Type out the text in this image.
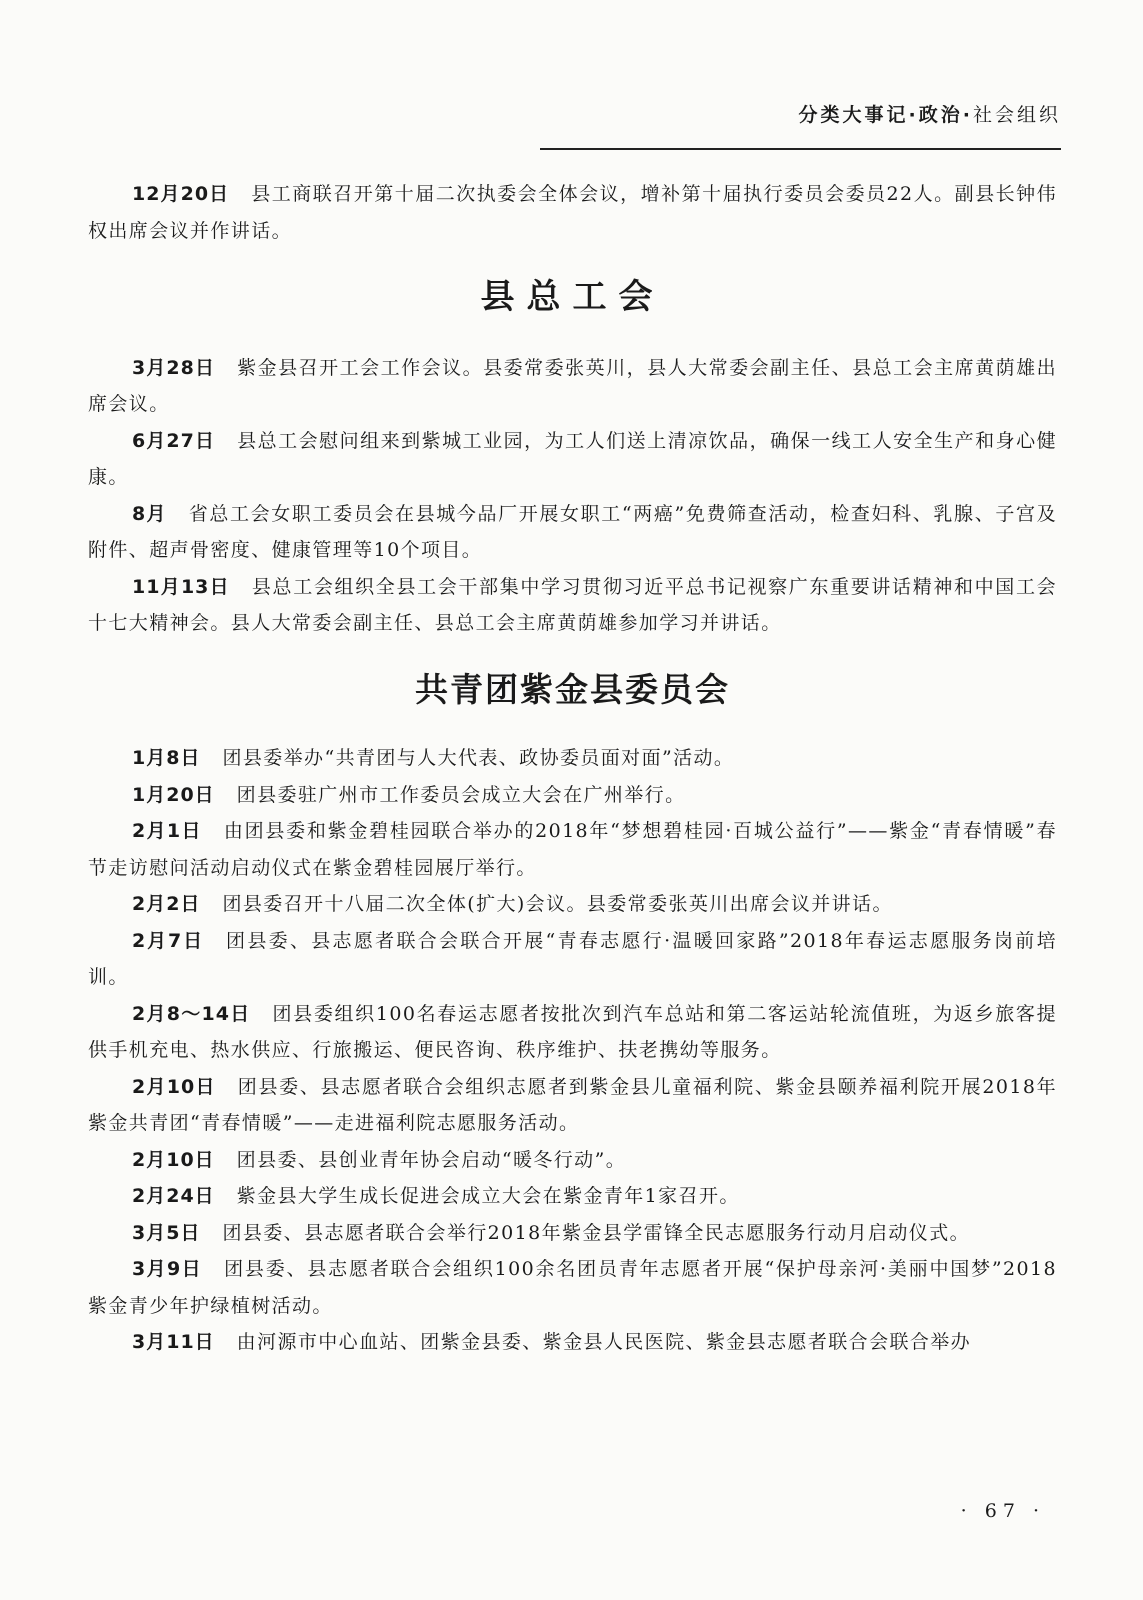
分类大事记·政治·社会组织

12月20日 县工商联召开第十届二次执委会全体会议，增补第十届执行委员会委员22人。副县长钟伟权出席会议并作讲话。

县总工会

3月28日 紫金县召开工会工作会议。县委常委张英川，县人大常委会副主任、县总工会主席黄荫雄出席会议。

6月27日 县总工会慰问组来到紫城工业园，为工人们送上清凉饮品，确保一线工人安全生产和身心健康。

8月 省总工会女职工委员会在县城今品厂开展女职工“两癌”免费筛查活动，检查妇科、乳腺、子宫及附件、超声骨密度、健康管理等10个项目。

11月13日 县总工会组织全县工会干部集中学习贯彻习近平总书记视察广东重要讲话精神和中国工会十七大精神会。县人大常委会副主任、县总工会主席黄荫雄参加学习并讲话。

共青团紫金县委员会

1月8日 团县委举办“共青团与人大代表、政协委员面对面”活动。

1月20日 团县委驻广州市工作委员会成立大会在广州举行。

2月1日 由团县委和紫金碧桂园联合举办的2018年“梦想碧桂园·百城公益行”——紫金“青春情暖”春节走访慰问活动启动仪式在紫金碧桂园展厅举行。

2月2日 团县委召开十八届二次全体(扩大)会议。县委常委张英川出席会议并讲话。

2月7日 团县委、县志愿者联合会联合开展“青春志愿行·温暖回家路”2018年春运志愿服务岗前培训。

2月8～14日 团县委组织100名春运志愿者按批次到汽车总站和第二客运站轮流值班，为返乡旅客提供手机充电、热水供应、行旅搬运、便民咨询、秩序维护、扶老携幼等服务。

2月10日 团县委、县志愿者联合会组织志愿者到紫金县儿童福利院、紫金县颐养福利院开展2018年紫金共青团“青春情暖”——走进福利院志愿服务活动。

2月10日 团县委、县创业青年协会启动“暖冬行动”。

2月24日 紫金县大学生成长促进会成立大会在紫金青年1家召开。

3月5日 团县委、县志愿者联合会举行2018年紫金县学雷锋全民志愿服务行动月启动仪式。

3月9日 团县委、县志愿者联合会组织100余名团员青年志愿者开展“保护母亲河·美丽中国梦”2018紫金青少年护绿植树活动。

3月11日 由河源市中心血站、团紫金县委、紫金县人民医院、紫金县志愿者联合会联合举办

· 67 ·
